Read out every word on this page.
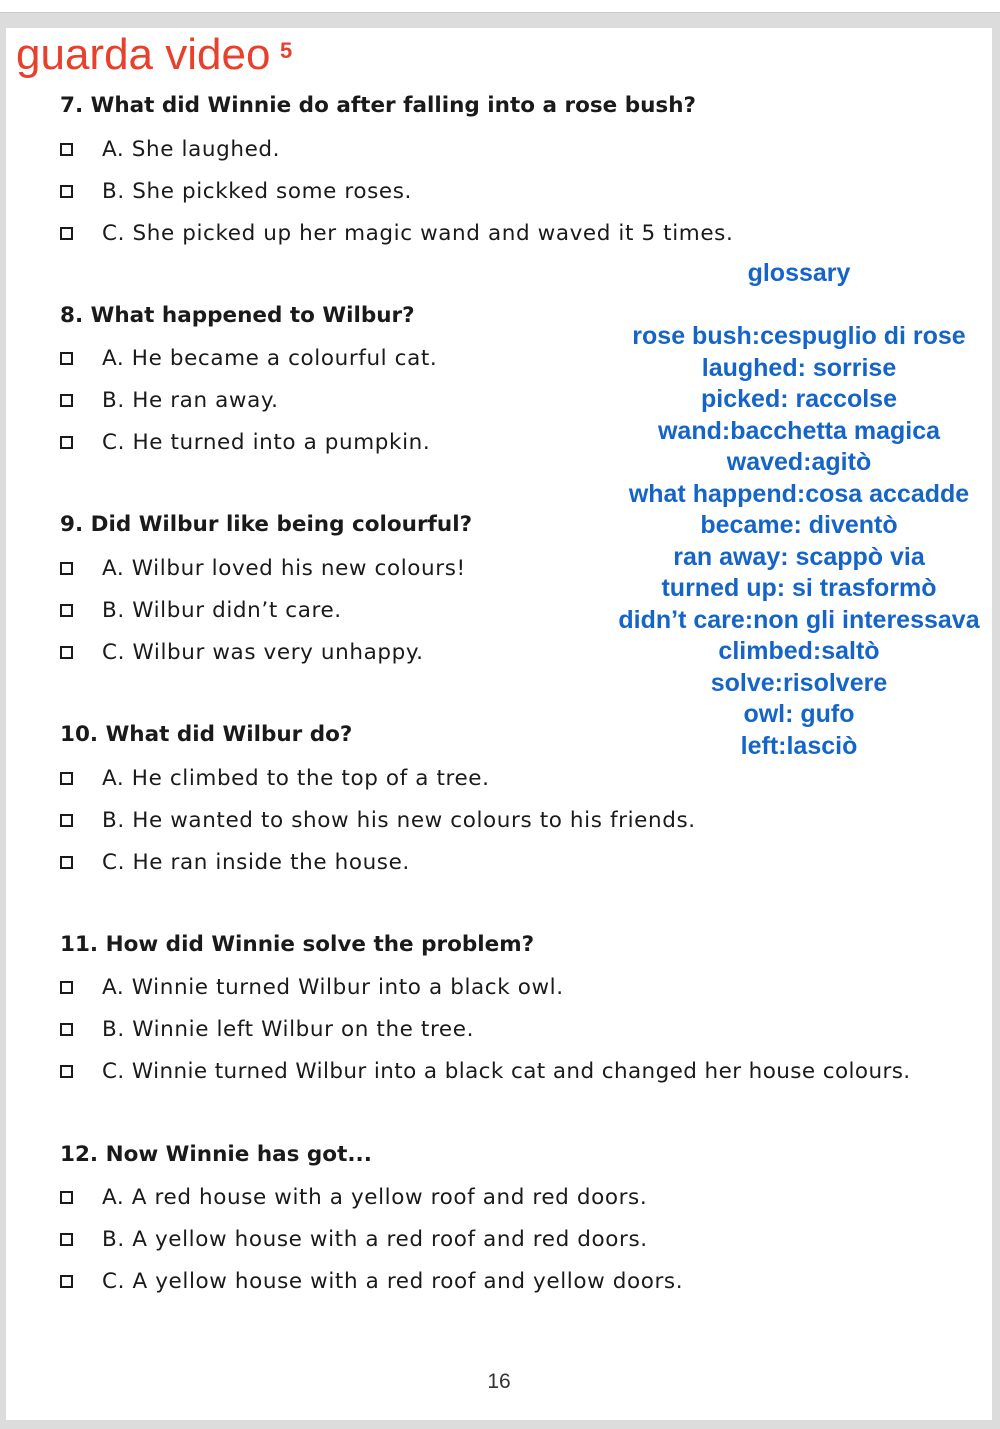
guarda video 5
7. What did Winnie do after falling into a rose bush?
A. She laughed.
B. She pickked some roses.
C. She picked up her magic wand and waved it 5 times.
8. What happened to Wilbur?
A. He became a colourful cat.
B. He ran away.
C. He turned into a pumpkin.
9. Did Wilbur like being colourful?
A. Wilbur loved his new colours!
B. Wilbur didn’t care.
C. Wilbur was very unhappy.
10. What did Wilbur do?
A. He climbed to the top of a tree.
B. He wanted to show his new colours to his friends.
C. He ran inside the house.
11. How did Winnie solve the problem?
A. Winnie turned Wilbur into a black owl.
B. Winnie left Wilbur on the tree.
C. Winnie turned Wilbur into a black cat and changed her house colours.
12. Now Winnie has got...
A. A red house with a yellow roof and red doors.
B. A yellow house with a red roof and red doors.
C. A yellow house with a red roof and yellow doors.
glossary
rose bush:cespuglio di rose
laughed: sorrise
picked: raccolse
wand:bacchetta magica
waved:agitò
what happend:cosa accadde
became: diventò
ran away: scappò via
turned up: si trasformò
didn’t care:non gli interessava
climbed:saltò
solve:risolvere
owl: gufo
left:lasciò
16
